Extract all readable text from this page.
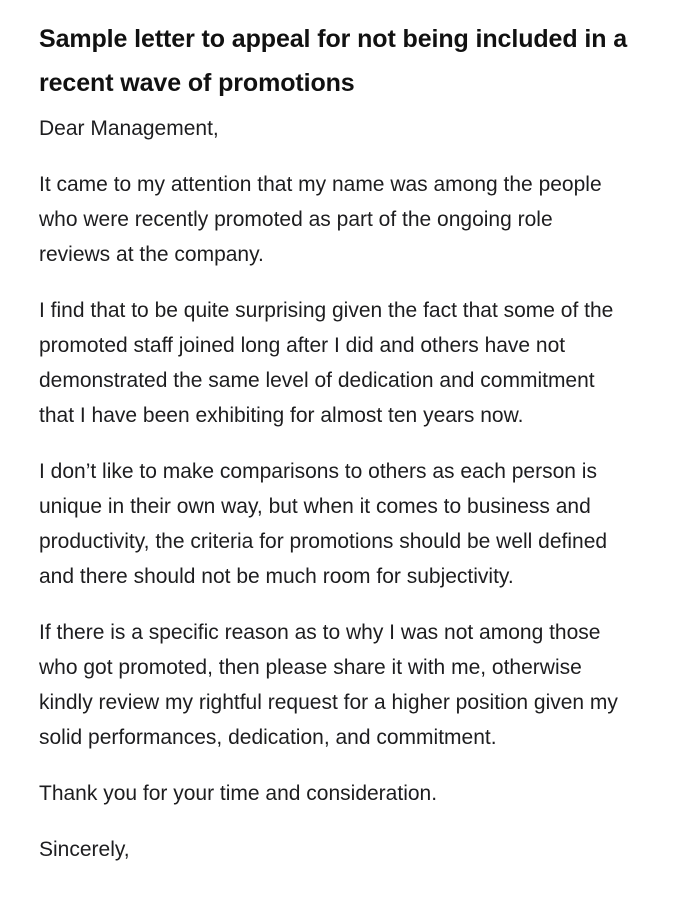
Sample letter to appeal for not being included in a recent wave of promotions

Dear Management,

It came to my attention that my name was among the people
who were recently promoted as part of the ongoing role
reviews at the company.

I find that to be quite surprising given the fact that some of the
promoted staff joined long after I did and others have not
demonstrated the same level of dedication and commitment
that I have been exhibiting for almost ten years now.

I don’t like to make comparisons to others as each person is
unique in their own way, but when it comes to business and
productivity, the criteria for promotions should be well defined
and there should not be much room for subjectivity.

If there is a specific reason as to why I was not among those
who got promoted, then please share it with me, otherwise
kindly review my rightful request for a higher position given my
solid performances, dedication, and commitment.

Thank you for your time and consideration.

Sincerely,
